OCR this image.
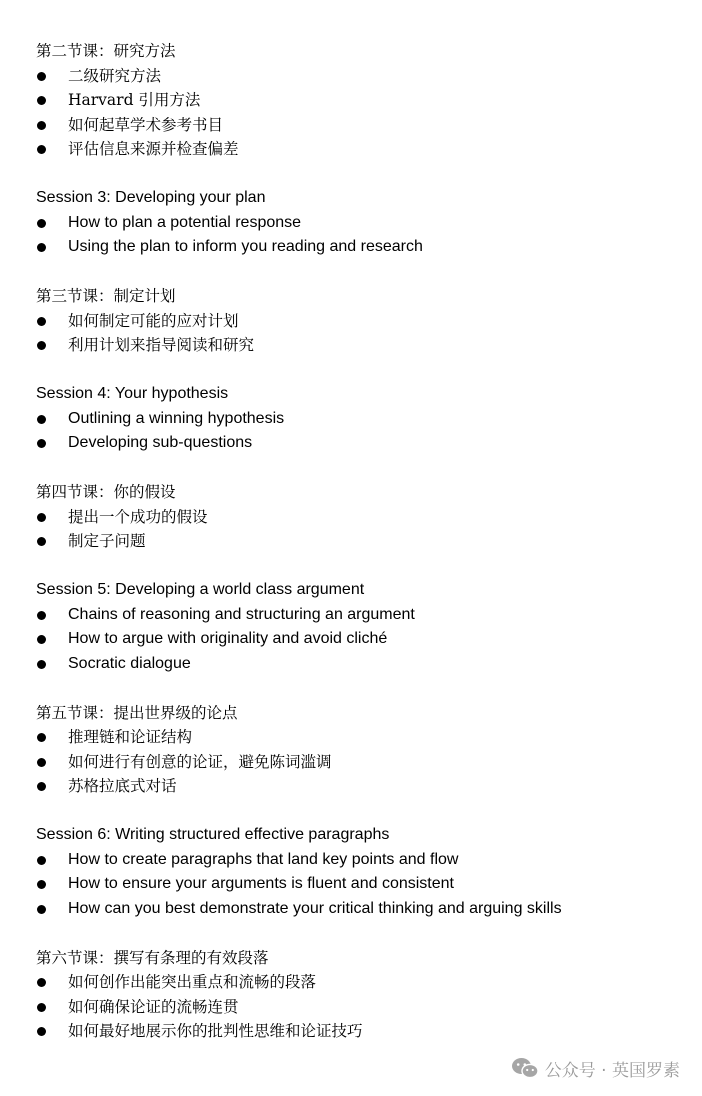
第二节课：研究方法
二级研究方法
Harvard 引用方法
如何起草学术参考书目
评估信息来源并检查偏差
Session 3: Developing your plan
How to plan a potential response
Using the plan to inform you reading and research
第三节课：制定计划
如何制定可能的应对计划
利用计划来指导阅读和研究
Session 4: Your hypothesis
Outlining a winning hypothesis
Developing sub-questions
第四节课：你的假设
提出一个成功的假设
制定子问题
Session 5: Developing a world class argument
Chains of reasoning and structuring an argument
How to argue with originality and avoid cliché
Socratic dialogue
第五节课：提出世界级的论点
推理链和论证结构
如何进行有创意的论证，避免陈词滥调
苏格拉底式对话
Session 6: Writing structured effective paragraphs
How to create paragraphs that land key points and flow
How to ensure your arguments is fluent and consistent
How can you best demonstrate your critical thinking and arguing skills
第六节课：撰写有条理的有效段落
如何创作出能突出重点和流畅的段落
如何确保论证的流畅连贯
如何最好地展示你的批判性思维和论证技巧
公众号 · 英国罗素
